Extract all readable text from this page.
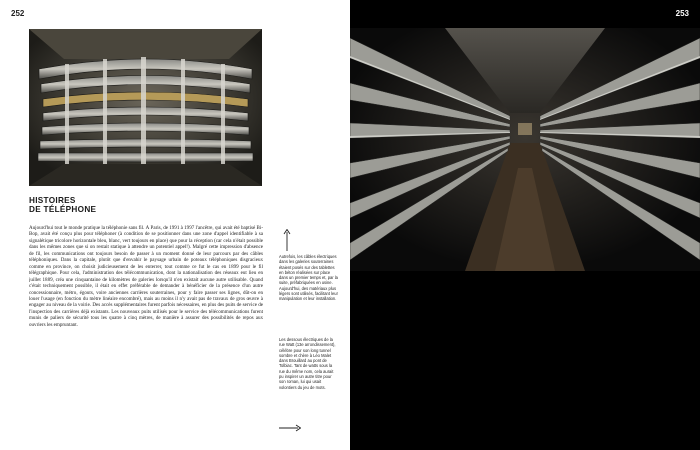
252
HISTOIRES
DE TÉLÉPHONE
Aujourd'hui tout le monde pratique la téléphonie sans fil. À Paris, de 1991 à 1997 l'ancêtre, qui avait été baptisé Bi-Bop, avait été conçu plus pour téléphoner (à condition de se positionner dans une zone d'appel identifiable à sa signalétique tricolore horizontale bleu, blanc, vert toujours en place) que pour la réception (car cela n'était possible dans les mêmes zones que si on restait statique à attendre un potentiel appel!). Malgré cette impression d'absence de fil, les communications ont toujours besoin de passer à un moment donné de leur parcours par des câbles téléphoniques. Dans la capitale, plutôt que d'envahir le paysage urbain de poteaux téléphoniques disgracieux comme en province, on choisit judicieusement de les enterrer, tout comme ce fut le cas en 1899 pour le fil télégraphique. Pour cela, l'administration des télécommunication, dont la nationalisation des réseaux eut lieu en juillet 1889, créa une cinquantaine de kilomètres de galeries lorsqu'il n'en existait aucune autre utilisable. Quand c'était techniquement possible, il était en effet préférable de demander à bénéficier de la présence d'un autre concessionnaire, métro, égouts, voire anciennes carrières souterraines, pour y faire passer ses lignes, dût-on en louer l'usage (en fonction du mètre linéaire encombré), mais au moins il n'y avait pas de travaux de gros œuvre à engager au niveau de la voirie. Des accès supplémentaires furent parfois nécessaires, en plus des puits de service de l'inspection des carrières déjà existants. Les nouveaux puits utilisés pour le service des télécommunications furent munis de paliers de sécurité tous les quatre à cinq mètres, de manière à assurer des possibilités de repos aux ouvriers les empruntant.
Autrefois, les câbles électriques dans les galeries souterraines étaient posés sur des tablettes en béton réalisées sur place dans un premier temps et, par la suite, préfabriquées en usine. Aujourd'hui, des matériaux plus légers sont utilisés, facilitant leur manipulation et leur installation.
Les dessous électriques de la rue Watt (13e arrondissement), célèbre pour son long tunnel sombre et chère à Léo Malet dans Brouillard au pont de Tolbiac. Tant de watts sous la rue du même nom, cela aurait pu inspirer un autre titre pour son roman, lui qui usait volontiers du jeu de mots.
253
